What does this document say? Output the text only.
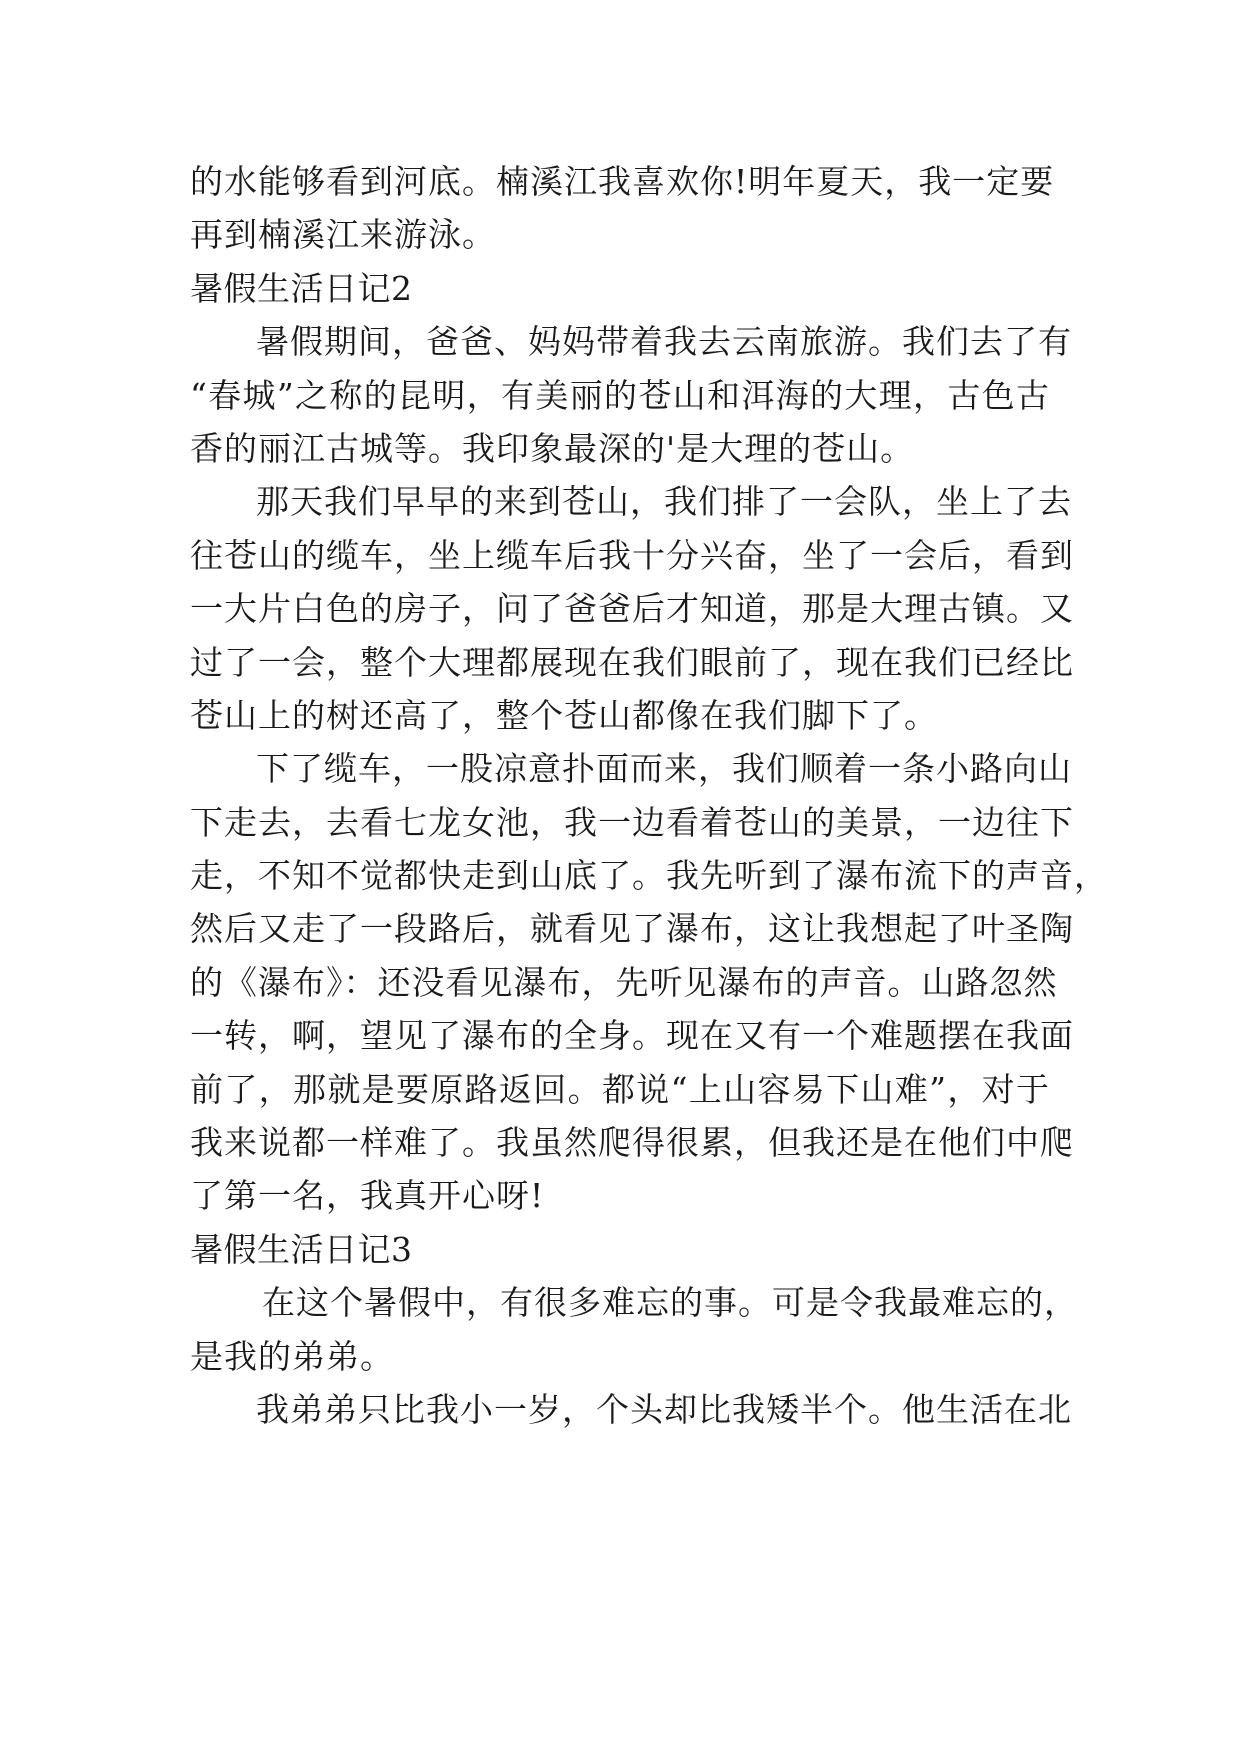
的水能够看到河底。楠溪江我喜欢你!明年夏天，我一定要
再到楠溪江来游泳。
暑假生活日记2
暑假期间，爸爸、妈妈带着我去云南旅游。我们去了有
“春城”之称的昆明，有美丽的苍山和洱海的大理，古色古
香的丽江古城等。我印象最深的'是大理的苍山。
那天我们早早的来到苍山，我们排了一会队，坐上了去
往苍山的缆车，坐上缆车后我十分兴奋，坐了一会后，看到
一大片白色的房子，问了爸爸后才知道，那是大理古镇。又
过了一会，整个大理都展现在我们眼前了，现在我们已经比
苍山上的树还高了，整个苍山都像在我们脚下了。
下了缆车，一股凉意扑面而来，我们顺着一条小路向山
下走去，去看七龙女池，我一边看着苍山的美景，一边往下
走，不知不觉都快走到山底了。我先听到了瀑布流下的声音，
然后又走了一段路后，就看见了瀑布，这让我想起了叶圣陶
的《瀑布》：还没看见瀑布，先听见瀑布的声音。山路忽然
一转，啊，望见了瀑布的全身。现在又有一个难题摆在我面
前了，那就是要原路返回。都说“上山容易下山难”，对于
我来说都一样难了。我虽然爬得很累，但我还是在他们中爬
了第一名，我真开心呀!
暑假生活日记3
在这个暑假中，有很多难忘的事。可是令我最难忘的，
是我的弟弟。
我弟弟只比我小一岁，个头却比我矮半个。他生活在北
